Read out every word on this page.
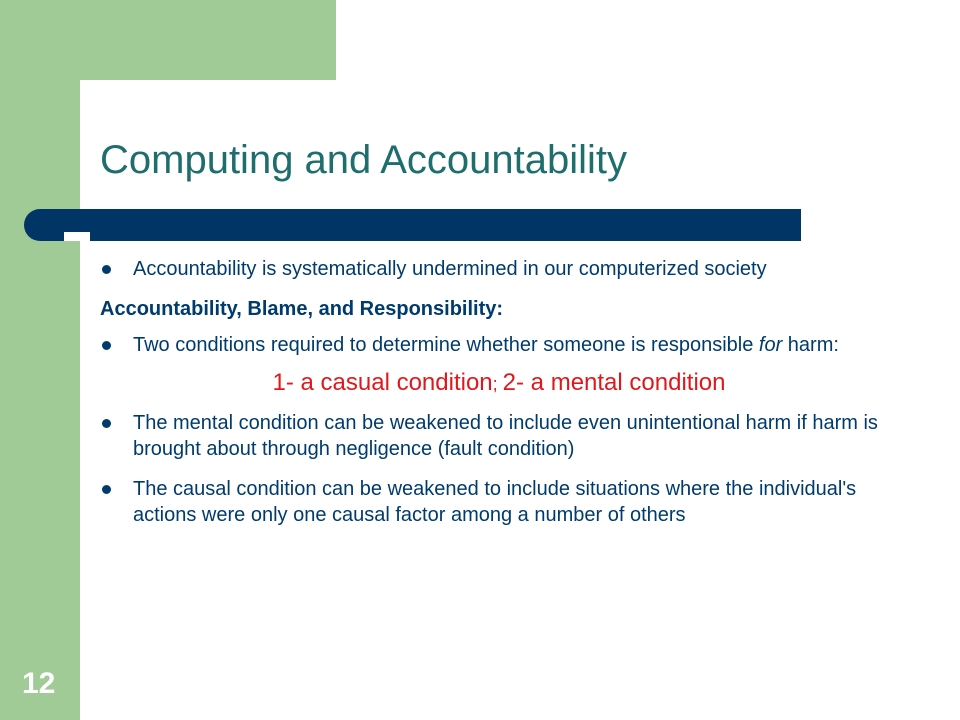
Computing and Accountability
Accountability is systematically undermined in our computerized society
Accountability, Blame, and Responsibility:
Two conditions required to determine whether someone is responsible for harm:
1- a casual condition; 2- a mental condition
The mental condition can be weakened to include even unintentional harm if harm is brought about through negligence (fault condition)
The causal condition can be weakened to include situations where the individual's actions were only one causal factor among a number of others
12
